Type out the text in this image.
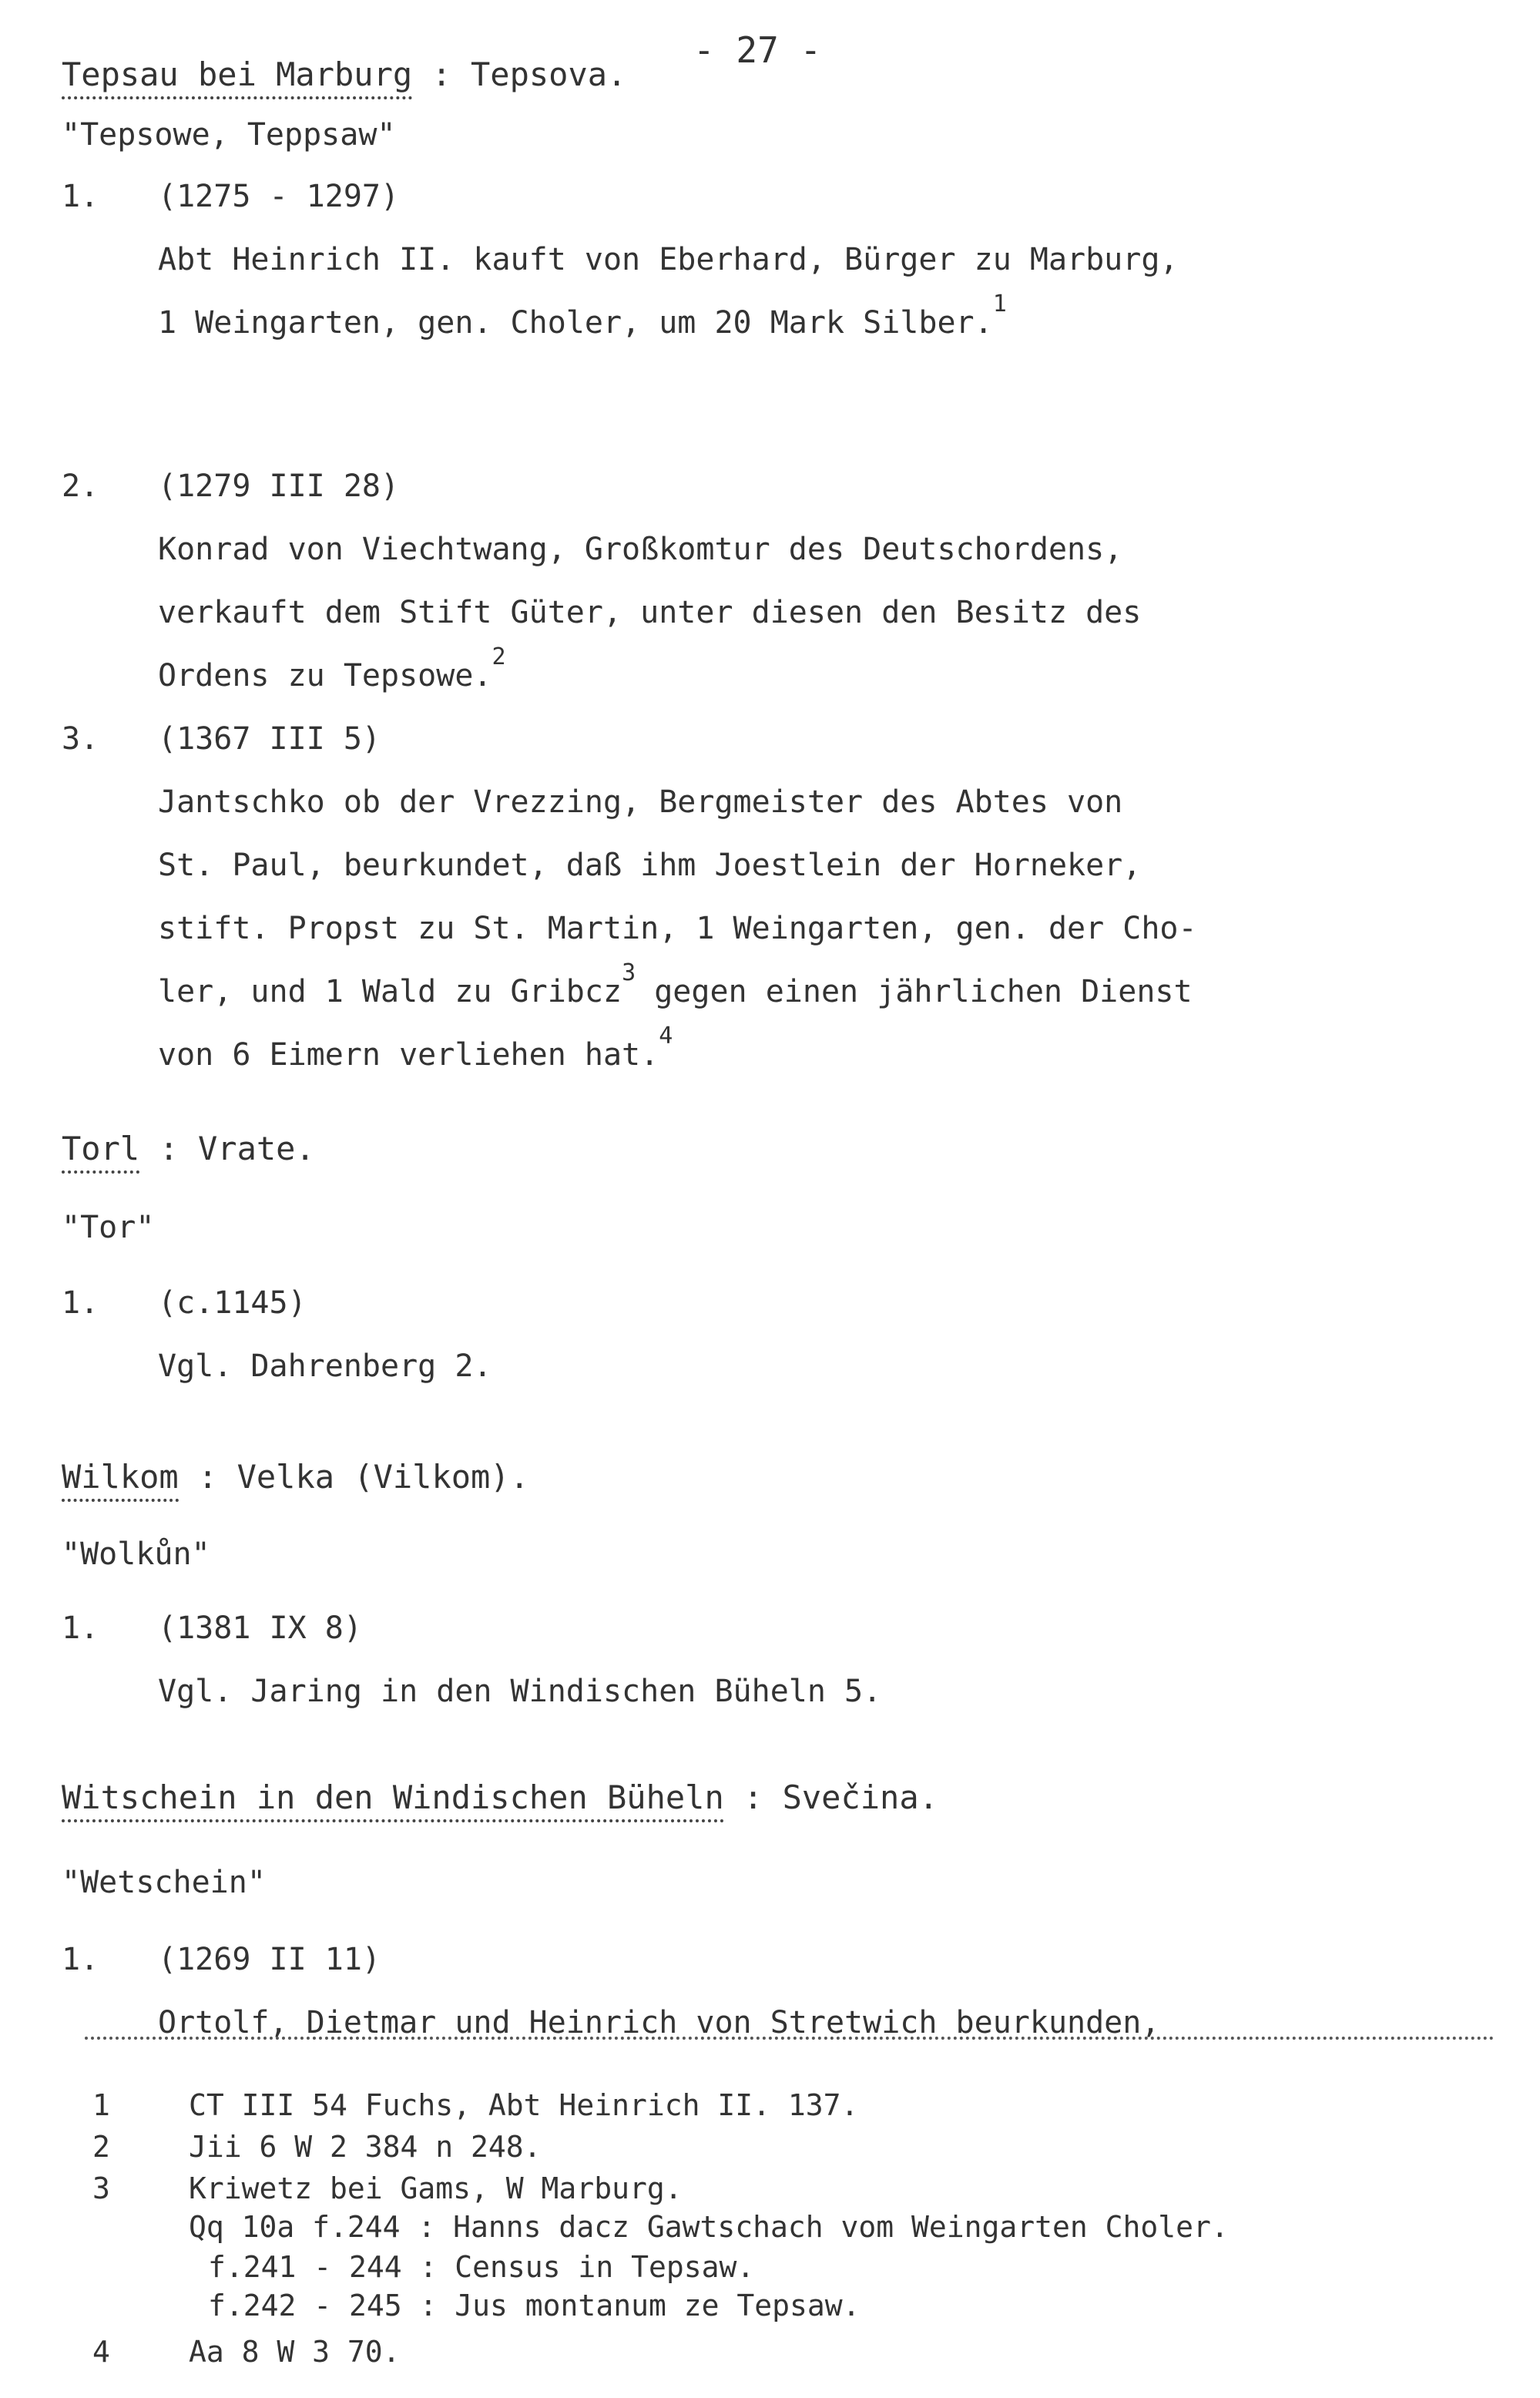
- 27 -
Tepsau bei Marburg : Tepsova.
"Tepsowe, Teppsaw"
1. (1275 - 1297)
Abt Heinrich II. kauft von Eberhard, Bürger zu Marburg,
1 Weingarten, gen. Choler, um 20 Mark Silber.$^1$
2. (1279 III 28)
Konrad von Viechtwang, Großkomtur des Deutschordens,
verkauft dem Stift Güter, unter diesen den Besitz des
Ordens zu Tepsowe.$^2$
3. (1367 III 5)
Jantschko ob der Vrezzing, Bergmeister des Abtes von
St. Paul, beurkundet, daß ihm Joestlein der Horneker,
stift. Propst zu St. Martin, 1 Weingarten, gen. der Cho-
ler, und 1 Wald zu Gribcz$^3$ gegen einen jährlichen Dienst
von 6 Eimern verliehen hat.$^4$
Torl : Vrate.
"Tor"
1. (c.1145)
Vgl. Dahrenberg 2.
Wilkom : Velka (Vilkom).
"Wolkůn"
1. (1381 IX 8)
Vgl. Jaring in den Windischen Büheln 5.
Witschein in den Windischen Büheln : Svečina.
"Wetschein"
1. (1269 II 11)
Ortolf, Dietmar und Heinrich von Stretwich beurkunden,
1	CT III 54 Fuchs, Abt Heinrich II. 137.
2	Jii 6 W 2 384 n 248.
3	Kriwetz bei Gams, W Marburg.
Qq 10a f.244 : Hanns dacz Gawtschach vom Weingarten Choler.
f.241 - 244 : Census in Tepsaw.
f.242 - 245 : Jus montanum ze Tepsaw.
4	Aa 8 W 3 70.
